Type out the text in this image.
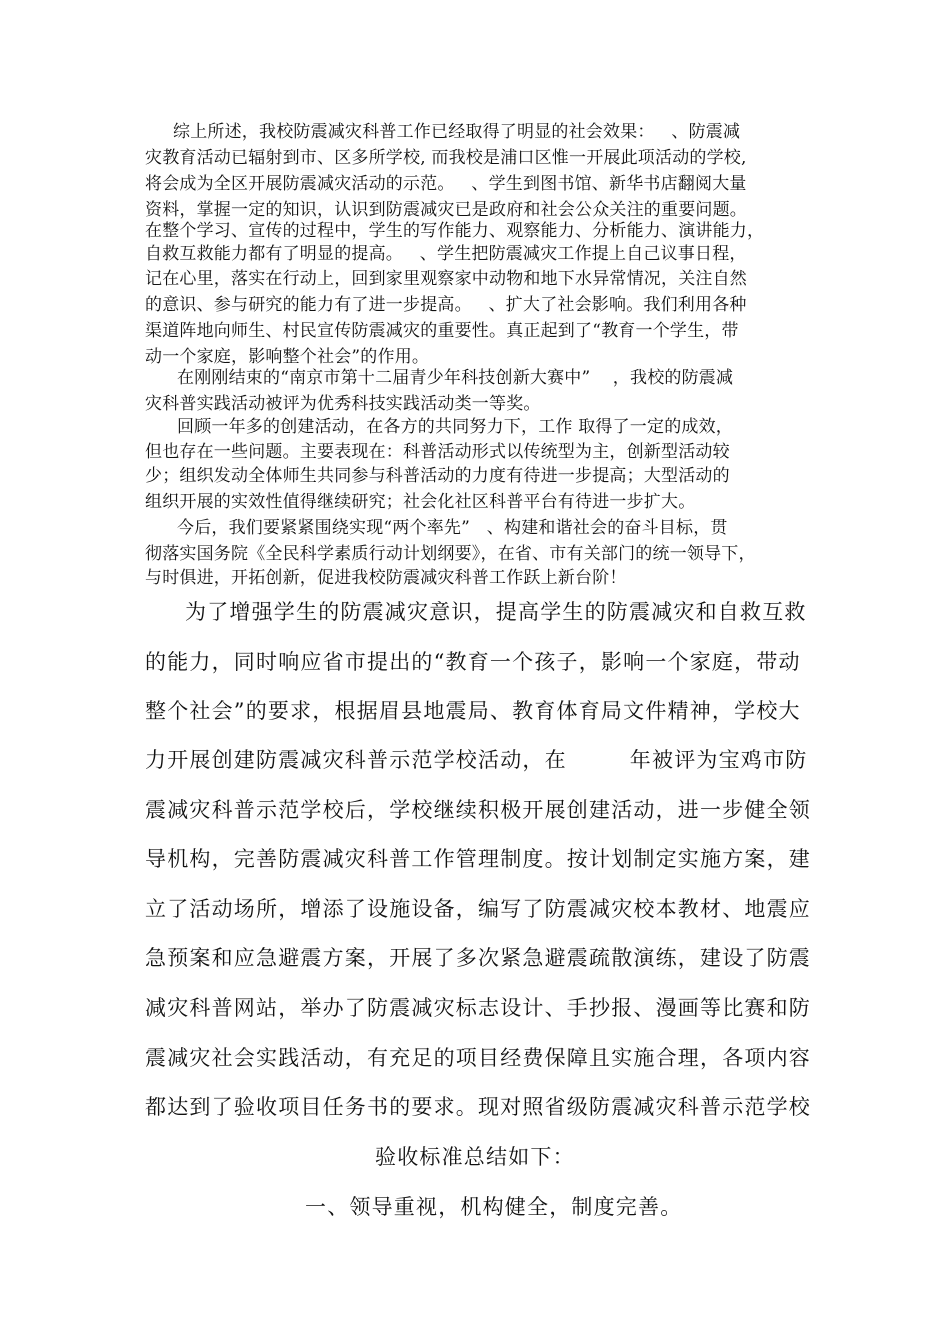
综上所述，我校防震减灾科普工作已经取得了明显的社会效果：   、防震减

灾教育活动已辐射到市、区多所学校, 而我校是浦口区惟一开展此项活动的学校,

将会成为全区开展防震减灾活动的示范。   、学生到图书馆、新华书店翻阅大量

资料，掌握一定的知识，认识到防震减灾已是政府和社会公众关注的重要问题。

在整个学习、宣传的过程中，学生的写作能力、观察能力、分析能力、演讲能力，

自救互救能力都有了明显的提高。   、学生把防震减灾工作提上自己议事日程，

记在心里，落实在行动上，回到家里观察家中动物和地下水异常情况，关注自然

的意识、参与研究的能力有了进一步提高。   、扩大了社会影响。我们利用各种

渠道阵地向师生、村民宣传防震减灾的重要性。真正起到了“教育一个学生，带

动一个家庭，影响整个社会”的作用。

在刚刚结束的“南京市第十二届青少年科技创新大赛中”    ，我校的防震减

灾科普实践活动被评为优秀科技实践活动类一等奖。

回顾一年多的创建活动，在各方的共同努力下，工作 取得了一定的成效，

但也存在一些问题。主要表现在：科普活动形式以传统型为主，创新型活动较

少；组织发动全体师生共同参与科普活动的力度有待进一步提高；大型活动的

组织开展的实效性值得继续研究；社会化社区科普平台有待进一步扩大。

今后，我们要紧紧围绕实现“两个率先”   、构建和谐社会的奋斗目标，贯

彻落实国务院《全民科学素质行动计划纲要》，在省、市有关部门的统一领导下，

与时俱进，开拓创新，促进我校防震减灾科普工作跃上新台阶！

为了增强学生的防震减灾意识，提高学生的防震减灾和自救互救

的能力，同时响应省市提出的“教育一个孩子，影响一个家庭，带动

整个社会”的要求，根据眉县地震局、教育体育局文件精神，学校大

力开展创建防震减灾科普示范学校活动，在        年被评为宝鸡市防

震减灾科普示范学校后，学校继续积极开展创建活动，进一步健全领

导机构，完善防震减灾科普工作管理制度。按计划制定实施方案，建

立了活动场所，增添了设施设备，编写了防震减灾校本教材、地震应

急预案和应急避震方案，开展了多次紧急避震疏散演练，建设了防震

减灾科普网站，举办了防震减灾标志设计、手抄报、漫画等比赛和防

震减灾社会实践活动，有充足的项目经费保障且实施合理，各项内容

都达到了验收项目任务书的要求。现对照省级防震减灾科普示范学校

验收标准总结如下：

一、领导重视，机构健全，制度完善。
